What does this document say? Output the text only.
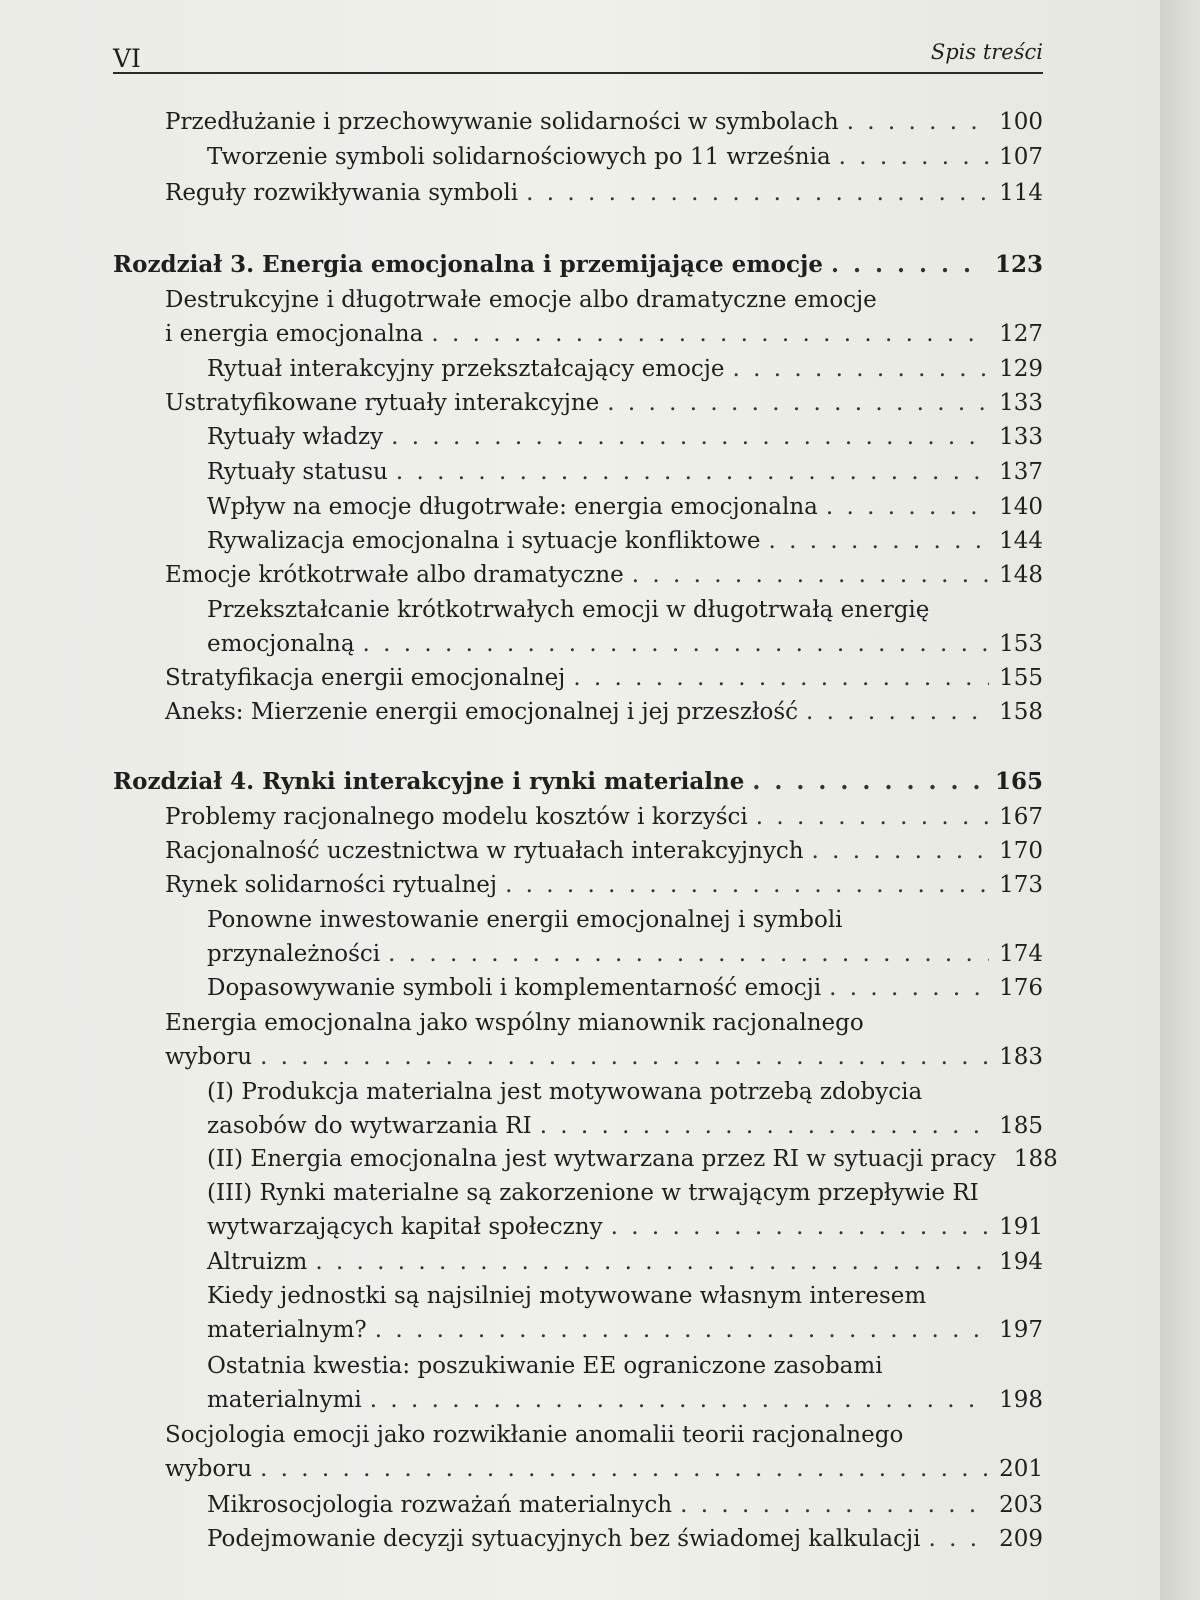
VI	Spis treści
Przedłużanie i przechowywanie solidarności w symbolach . . .	100
Tworzenie symboli solidarnościowych po 11 września . . .	107
Reguły rozwikływania symboli . . .	114
Rozdział 3. Energia emocjonalna i przemijające emocje . . .	123
Destrukcyjne i długotrwałe emocje albo dramatyczne emocje
i energia emocjonalna . . .	127
Rytuał interakcyjny przekształcający emocje . . .	129
Ustratyfikowane rytuały interakcyjne . . .	133
Rytuały władzy . . .	133
Rytuały statusu . . .	137
Wpływ na emocje długotrwałe: energia emocjonalna . . .	140
Rywalizacja emocjonalna i sytuacje konfliktowe . . .	144
Emocje krótkotrwałe albo dramatyczne . . .	148
Przekształcanie krótkotrwałych emocji w długotrwałą energię
emocjonalną . . .	153
Stratyfikacja energii emocjonalnej . . .	155
Aneks: Mierzenie energii emocjonalnej i jej przeszłość . . .	158
Rozdział 4. Rynki interakcyjne i rynki materialne . . .	165
Problemy racjonalnego modelu kosztów i korzyści . . .	167
Racjonalność uczestnictwa w rytuałach interakcyjnych . . .	170
Rynek solidarności rytualnej . . .	173
Ponowne inwestowanie energii emocjonalnej i symboli
przynależności . . .	174
Dopasowywanie symboli i komplementarność emocji . . .	176
Energia emocjonalna jako wspólny mianownik racjonalnego
wyboru . . .	183
(I) Produkcja materialna jest motywowana potrzebą zdobycia
zasobów do wytwarzania RI . . .	185
(II) Energia emocjonalna jest wytwarzana przez RI w sytuacji pracy 188
(III) Rynki materialne są zakorzenione w trwającym przepływie RI
wytwarzających kapitał społeczny . . .	191
Altruizm . . .	194
Kiedy jednostki są najsilniej motywowane własnym interesem
materialnym? . . .	197
Ostatnia kwestia: poszukiwanie EE ograniczone zasobami
materialnymi . . .	198
Socjologia emocji jako rozwikłanie anomalii teorii racjonalnego
wyboru . . .	201
Mikrosocjologia rozważań materialnych . . .	203
Podejmowanie decyzji sytuacyjnych bez świadomej kalkulacji . . .	209
